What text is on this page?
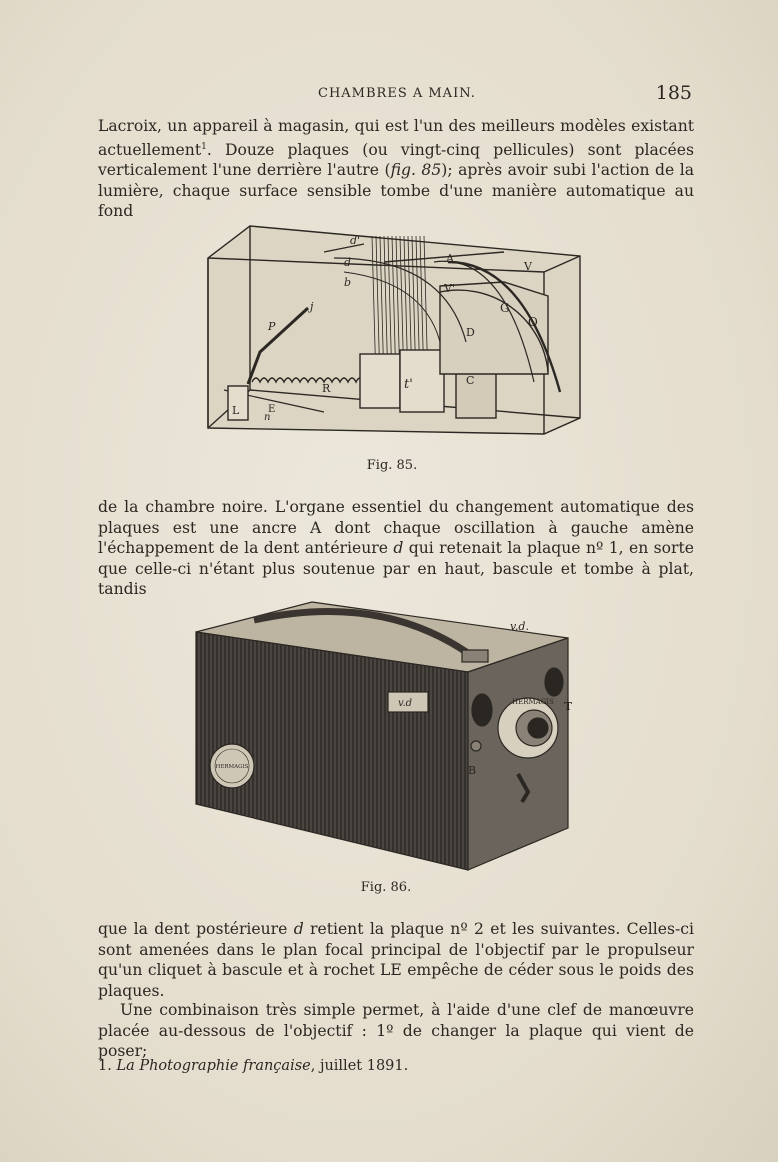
CHAMBRES A MAIN.	185

Lacroix, un appareil à magasin, qui est l'un des meilleurs modèles existant actuellement$^1$. Douze plaques (ou vingt-cinq pellicules) sont placées verticalement l'une derrière l'autre (fig. 85); après avoir subi l'action de la lumière, chaque surface sensible tombe d'une manière automatique au fond

d'
d	A
V
V'
b
G
O
j
P
L	E
R	t'	C
D
n
Fig. 85.

de la chambre noire. L'organe essentiel du changement automatique des plaques est une ancre A dont chaque oscillation à gauche amène l'échappement de la dent antérieure d qui retenait la plaque nº 1, en sorte que celle-ci n'étant plus soutenue par en haut, bascule et tombe à plat, tandis

v.d.
T
B
v.d	HERMAGIS
HERMAGIS
Fig. 86.

que la dent postérieure d retient la plaque nº 2 et les suivantes. Celles-ci sont amenées dans le plan focal principal de l'objectif par le propulseur qu'un cliquet à bascule et à rochet LE empêche de céder sous le poids des plaques.

Une combinaison très simple permet, à l'aide d'une clef de manœuvre placée au-dessous de l'objectif : 1º de changer la plaque qui vient de poser;

1. La Photographie française, juillet 1891.
